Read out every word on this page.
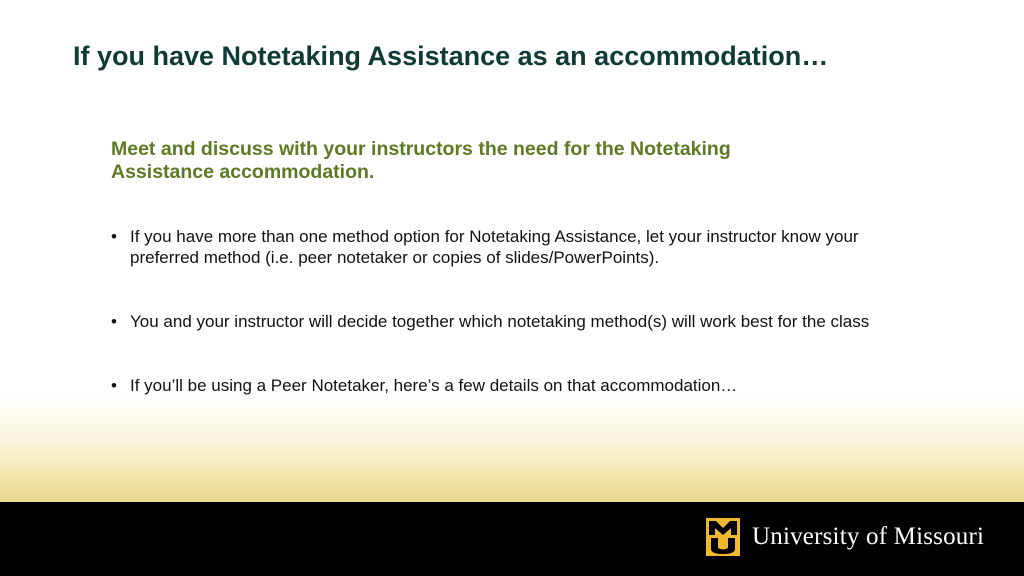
If you have Notetaking Assistance as an accommodation…

Meet and discuss with your instructors the need for the Notetaking Assistance accommodation.

• If you have more than one method option for Notetaking Assistance, let your instructor know your preferred method (i.e. peer notetaker or copies of slides/PowerPoints).
• You and your instructor will decide together which notetaking method(s) will work best for the class
• If you’ll be using a Peer Notetaker, here’s a few details on that accommodation…
University of Missouri
